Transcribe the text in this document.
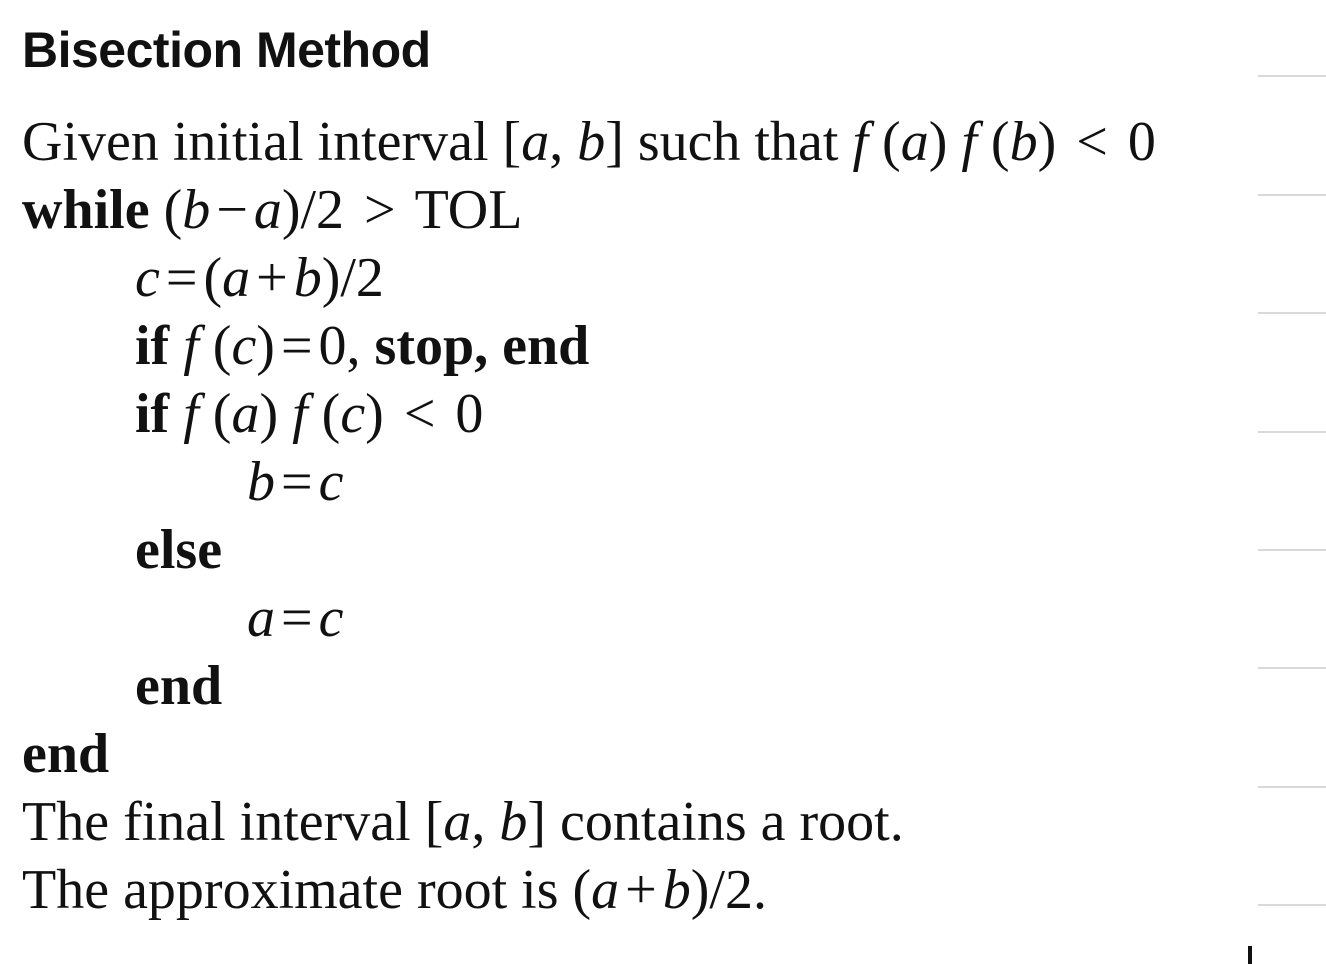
Bisection Method
Given initial interval [a, b] such that f (a) f (b) < 0
while (b − a)/2 > TOL
c = (a + b)/2
if f (c) = 0, stop, end
if f (a) f (c) < 0
b = c
else
a = c
end
end
The final interval [a, b] contains a root.
The approximate root is (a + b)/2.
